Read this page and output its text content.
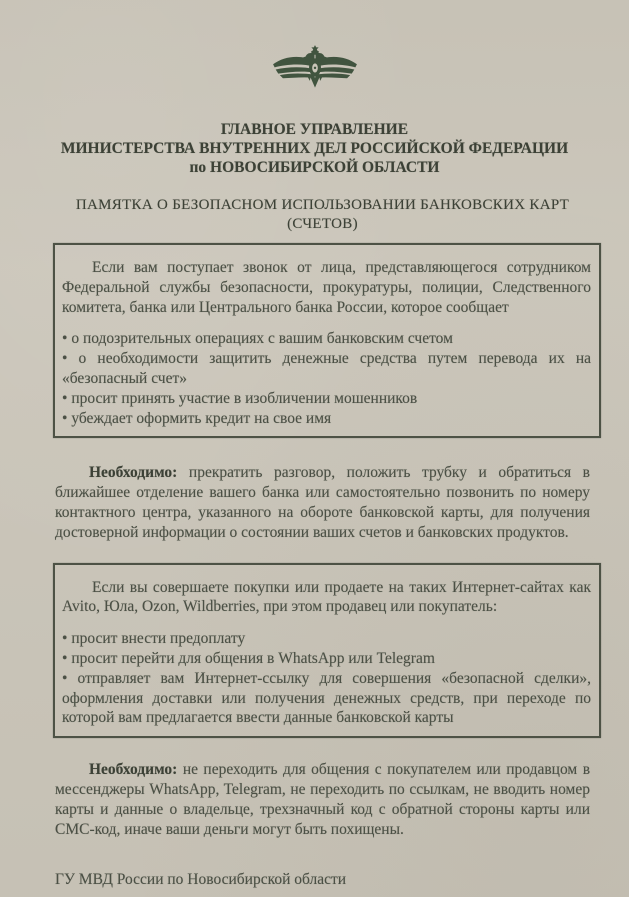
ГЛАВНОЕ УПРАВЛЕНИЕ
МИНИСТЕРСТВА ВНУТРЕННИХ ДЕЛ РОССИЙСКОЙ ФЕДЕРАЦИИ
по НОВОСИБИРСКОЙ ОБЛАСТИ
ПАМЯТКА О БЕЗОПАСНОМ ИСПОЛЬЗОВАНИИ БАНКОВСКИХ КАРТ (СЧЕТОВ)

Если вам поступает звонок от лица, представляющегося сотрудником Федеральной службы безопасности, прокуратуры, полиции, Следственного комитета, банка или Центрального банка России, которое сообщает

• о подозрительных операциях с вашим банковским счетом
• о необходимости защитить денежные средства путем перевода их на «безопасный счет»
• просит принять участие в изобличении мошенников
• убеждает оформить кредит на свое имя

Необходимо: прекратить разговор, положить трубку и обратиться в ближайшее отделение вашего банка или самостоятельно позвонить по номеру контактного центра, указанного на обороте банковской карты, для получения достоверной информации о состоянии ваших счетов и банковских продуктов.

Если вы совершаете покупки или продаете на таких Интернет-сайтах как Avito, Юла, Ozon, Wildberries, при этом продавец или покупатель:

• просит внести предоплату
• просит перейти для общения в WhatsApp или Telegram
• отправляет вам Интернет-ссылку для совершения «безопасной сделки», оформления доставки или получения денежных средств, при переходе по которой вам предлагается ввести данные банковской карты

Необходимо: не переходить для общения с покупателем или продавцом в мессенджеры WhatsApp, Telegram, не переходить по ссылкам, не вводить номер карты и данные о владельце, трехзначный код с обратной стороны карты или СМС-код, иначе ваши деньги могут быть похищены.

ГУ МВД России по Новосибирской области
